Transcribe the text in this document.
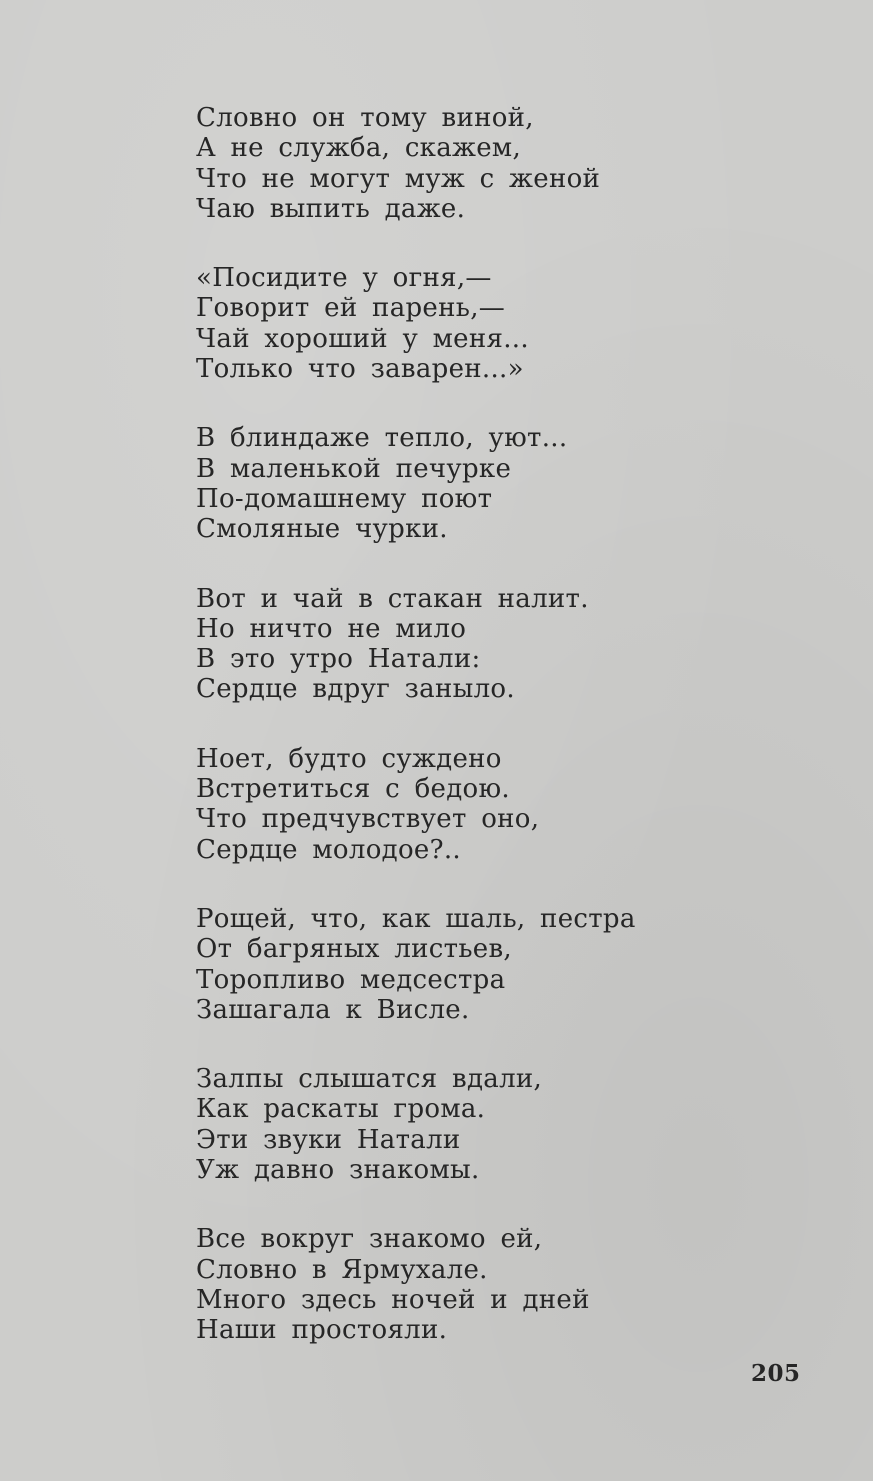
Словно он тому виной,
А не служба, скажем,
Что не могут муж с женой
Чаю выпить даже.
«Посидите у огня,—
Говорит ей парень,—
Чай хороший у меня...
Только что заварен...»
В блиндаже тепло, уют...
В маленькой печурке
По-домашнему поют
Смоляные чурки.
Вот и чай в стакан налит.
Но ничто не мило
В это утро Натали:
Сердце вдруг заныло.
Ноет, будто суждено
Встретиться с бедою.
Что предчувствует оно,
Сердце молодое?..
Рощей, что, как шаль, пестра
От багряных листьев,
Торопливо медсестра
Зашагала к Висле.
Залпы слышатся вдали,
Как раскаты грома.
Эти звуки Натали
Уж давно знакомы.
Все вокруг знакомо ей,
Словно в Ярмухале.
Много здесь ночей и дней
Наши простояли.
205
